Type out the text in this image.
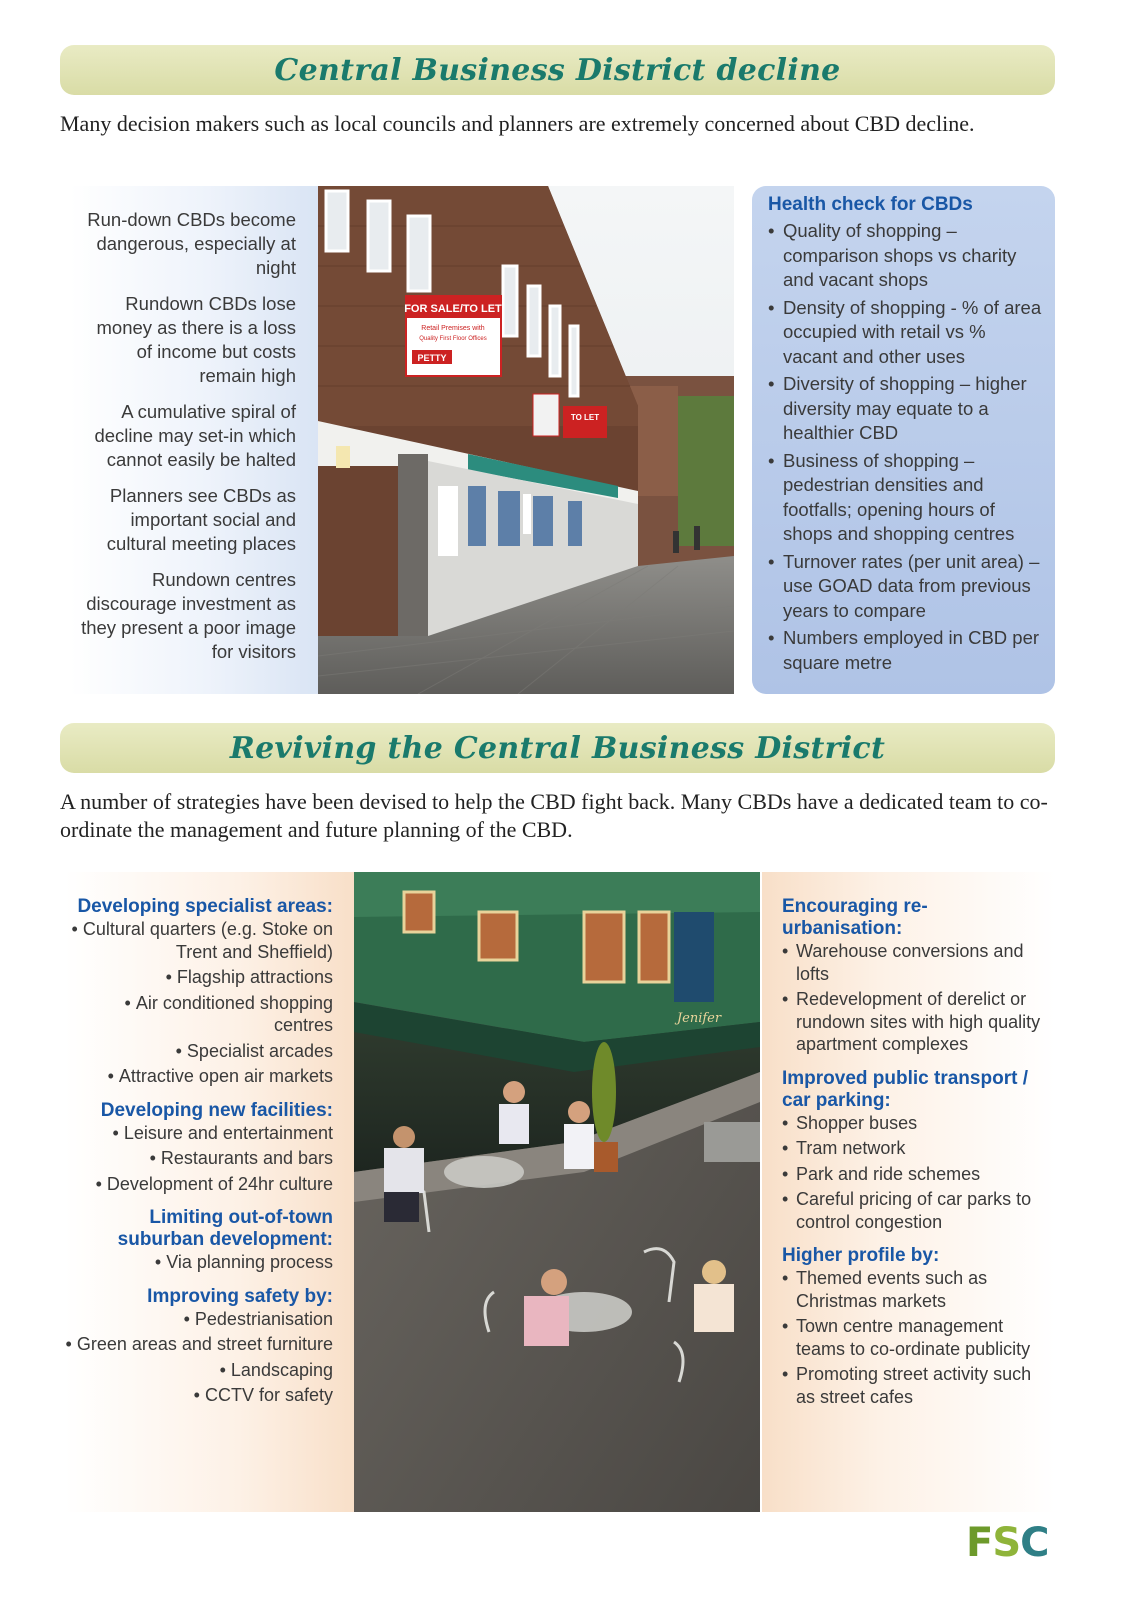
Central Business District decline

Many decision makers such as local councils and planners are extremely concerned about CBD decline.

Run-down CBDs become dangerous, especially at night

Rundown CBDs lose money as there is a loss of income but costs remain high

A cumulative spiral of decline may set-in which cannot easily be halted

Planners see CBDs as important social and cultural meeting places

Rundown centres discourage investment as they present a poor image for visitors

FOR SALE/TO LET
Retail Premises with
Quality First Floor Offices
PETTY
TO LET
Health check for CBDs
• Quality of shopping – comparison shops vs charity and vacant shops
• Density of shopping - % of area occupied with retail vs % vacant and other uses
• Diversity of shopping – higher diversity may equate to a healthier CBD
• Business of shopping – pedestrian densities and footfalls; opening hours of shops and shopping centres
• Turnover rates (per unit area) – use GOAD data from previous years to compare
• Numbers employed in CBD per square metre
Reviving the Central Business District

A number of strategies have been devised to help the CBD fight back. Many CBDs have a dedicated team to co-ordinate the management and future planning of the CBD.

Developing specialist areas:
• Cultural quarters (e.g. Stoke on Trent and Sheffield)
• Flagship attractions
• Air conditioned shopping centres
• Specialist arcades
• Attractive open air markets
Developing new facilities:
• Leisure and entertainment
• Restaurants and bars
• Development of 24hr culture
Limiting out-of-town suburban development:
• Via planning process
Improving safety by:
• Pedestrianisation
• Green areas and street furniture
• Landscaping
• CCTV for safety
Jenifer
Encouraging re-urbanisation:
• Warehouse conversions and lofts
• Redevelopment of derelict or rundown sites with high quality apartment complexes
Improved public transport / car parking:
• Shopper buses
• Tram network
• Park and ride schemes
• Careful pricing of car parks to control congestion
Higher profile by:
• Themed events such as Christmas markets
• Town centre management teams to co-ordinate publicity
• Promoting street activity such as street cafes
FSC
